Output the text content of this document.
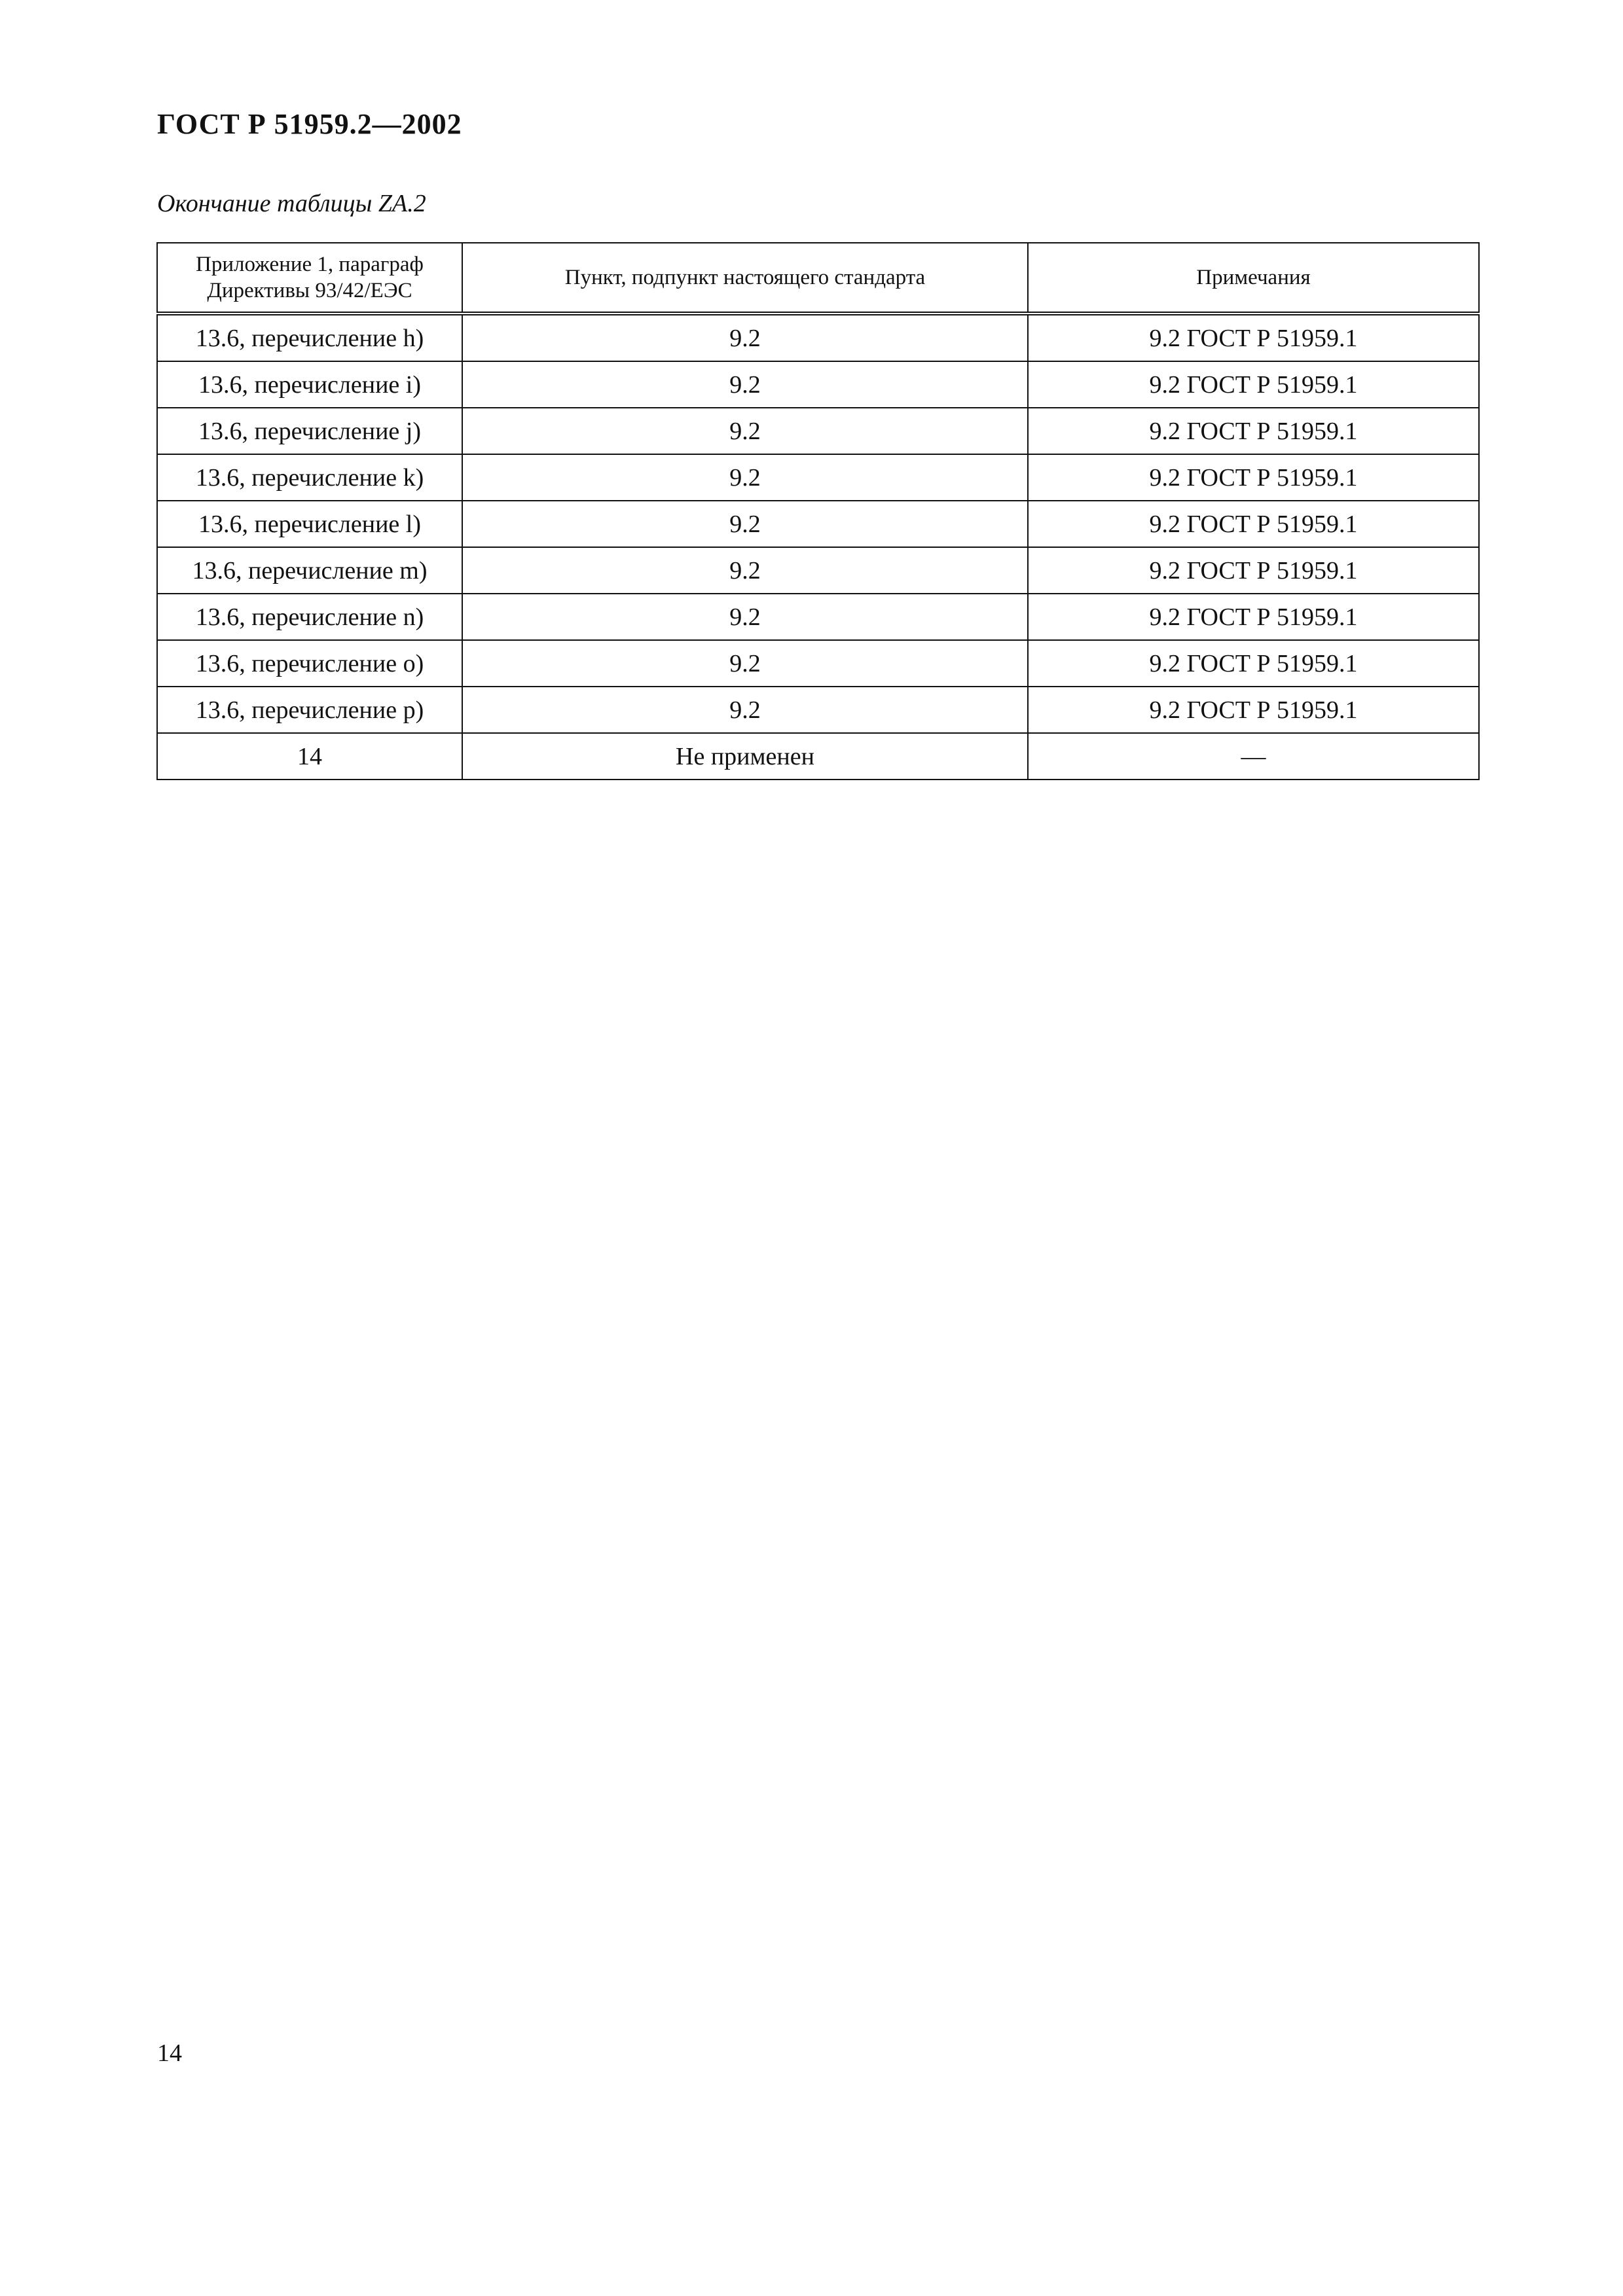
ГОСТ Р 51959.2—2002
Окончание таблицы ZA.2
Приложение 1, параграф Директивы 93/42/ЕЭС	Пункт, подпункт настоящего стандарта	Примечания
13.6, перечисление h)	9.2	9.2 ГОСТ Р 51959.1
13.6, перечисление i)	9.2	9.2 ГОСТ Р 51959.1
13.6, перечисление j)	9.2	9.2 ГОСТ Р 51959.1
13.6, перечисление k)	9.2	9.2 ГОСТ Р 51959.1
13.6, перечисление l)	9.2	9.2 ГОСТ Р 51959.1
13.6, перечисление m)	9.2	9.2 ГОСТ Р 51959.1
13.6, перечисление n)	9.2	9.2 ГОСТ Р 51959.1
13.6, перечисление o)	9.2	9.2 ГОСТ Р 51959.1
13.6, перечисление p)	9.2	9.2 ГОСТ Р 51959.1
14	Не применен	—
14
